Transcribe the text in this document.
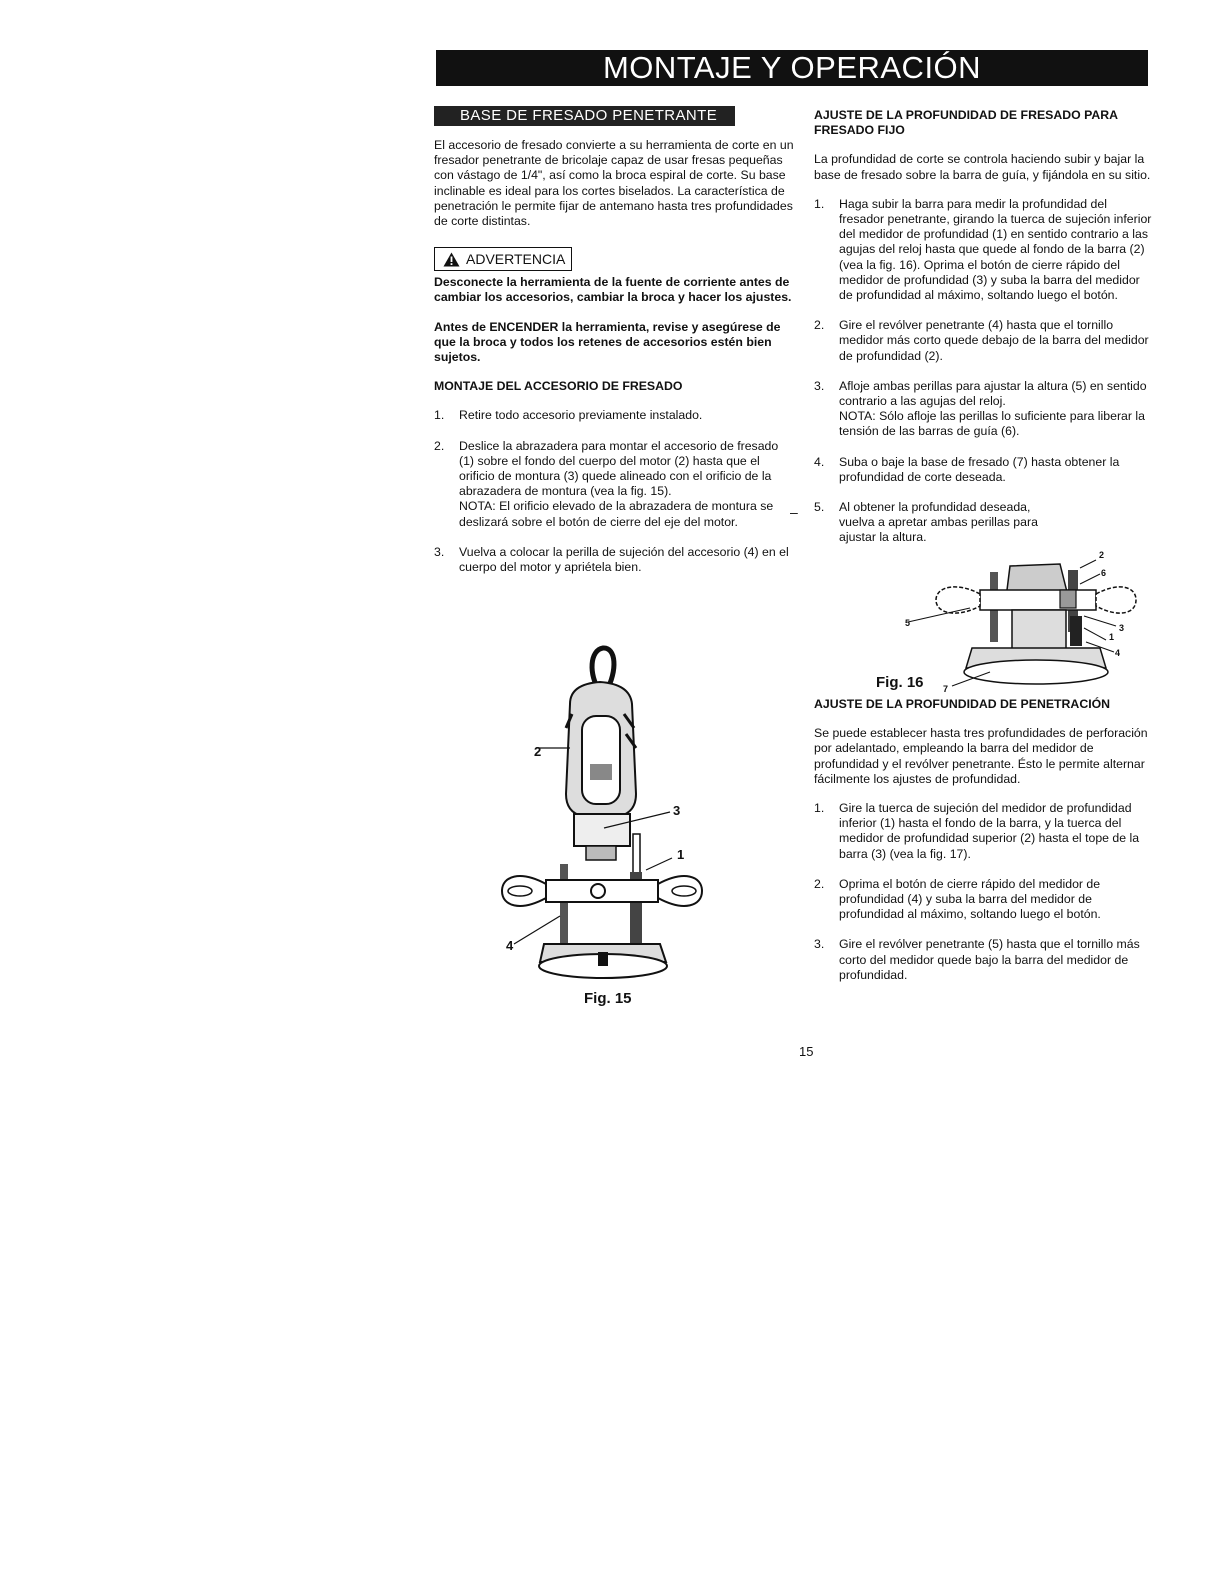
MONTAJE Y OPERACIÓN
BASE DE FRESADO PENETRANTE

El accesorio de fresado convierte a su herramienta de corte en un fresador penetrante de bricolaje capaz de usar fresas pequeñas con vástago de 1/4", así como la broca espiral de corte. Su base inclinable es ideal para los cortes biselados. La característica de penetración le permite fijar de antemano hasta tres profundidades de corte distintas.

ADVERTENCIA

Desconecte la herramienta de la fuente de corriente antes de cambiar los accesorios, cambiar la broca y hacer los ajustes.

Antes de ENCENDER la herramienta, revise y asegúrese de que la broca y todos los retenes de accesorios estén bien sujetos.

MONTAJE DEL ACCESORIO DE FRESADO
1. Retire todo accesorio previamente instalado.
2. Deslice la abrazadera para montar el accesorio de fresado (1) sobre el fondo del cuerpo del motor (2) hasta que el orificio de montura (3) quede alineado con el orificio de la abrazadera de montura (vea la fig. 15).
NOTA: El orificio elevado de la abrazadera de montura se deslizará sobre el botón de cierre del eje del motor.
3. Vuelva a colocar la perilla de sujeción del accesorio (4) en el cuerpo del motor y apriétela bien.
–
2
3
1
4
Fig. 15
AJUSTE DE LA PROFUNDIDAD DE FRESADO PARA FRESADO FIJO

La profundidad de corte se controla haciendo subir y bajar la base de fresado sobre la barra de guía, y fijándola en su sitio.

1. Haga subir la barra para medir la profundidad del fresador penetrante, girando la tuerca de sujeción inferior del medidor de profundidad (1) en sentido contrario a las agujas del reloj hasta que quede al fondo de la barra (2) (vea la fig. 16). Oprima el botón de cierre rápido del medidor de profundidad (3) y suba la barra del medidor de profundidad al máximo, soltando luego el botón.
2. Gire el revólver penetrante (4) hasta que el tornillo medidor más corto quede debajo de la barra del medidor de profundidad (2).
3. Afloje ambas perillas para ajustar la altura (5) en sentido contrario a las agujas del reloj.
NOTA: Sólo afloje las perillas lo suficiente para liberar la tensión de las barras de guía (6).
4. Suba o baje la base de fresado (7) hasta obtener la profundidad de corte deseada.
5. Al obtener la profundidad deseada, vuelva a apretar ambas perillas para ajustar la altura.
2
6
5	3
1
4
7
Fig. 16
AJUSTE DE LA PROFUNDIDAD DE PENETRACIÓN

Se puede establecer hasta tres profundidades de perforación por adelantado, empleando la barra del medidor de profundidad y el revólver penetrante. Ésto le permite alternar fácilmente los ajustes de profundidad.

1. Gire la tuerca de sujeción del medidor de profundidad inferior (1) hasta el fondo de la barra, y la tuerca del medidor de profundidad superior (2) hasta el tope de la barra (3) (vea la fig. 17).
2. Oprima el botón de cierre rápido del medidor de profundidad (4) y suba la barra del medidor de profundidad al máximo, soltando luego el botón.
3. Gire el revólver penetrante (5) hasta que el tornillo más corto del medidor quede bajo la barra del medidor de profundidad.
15
